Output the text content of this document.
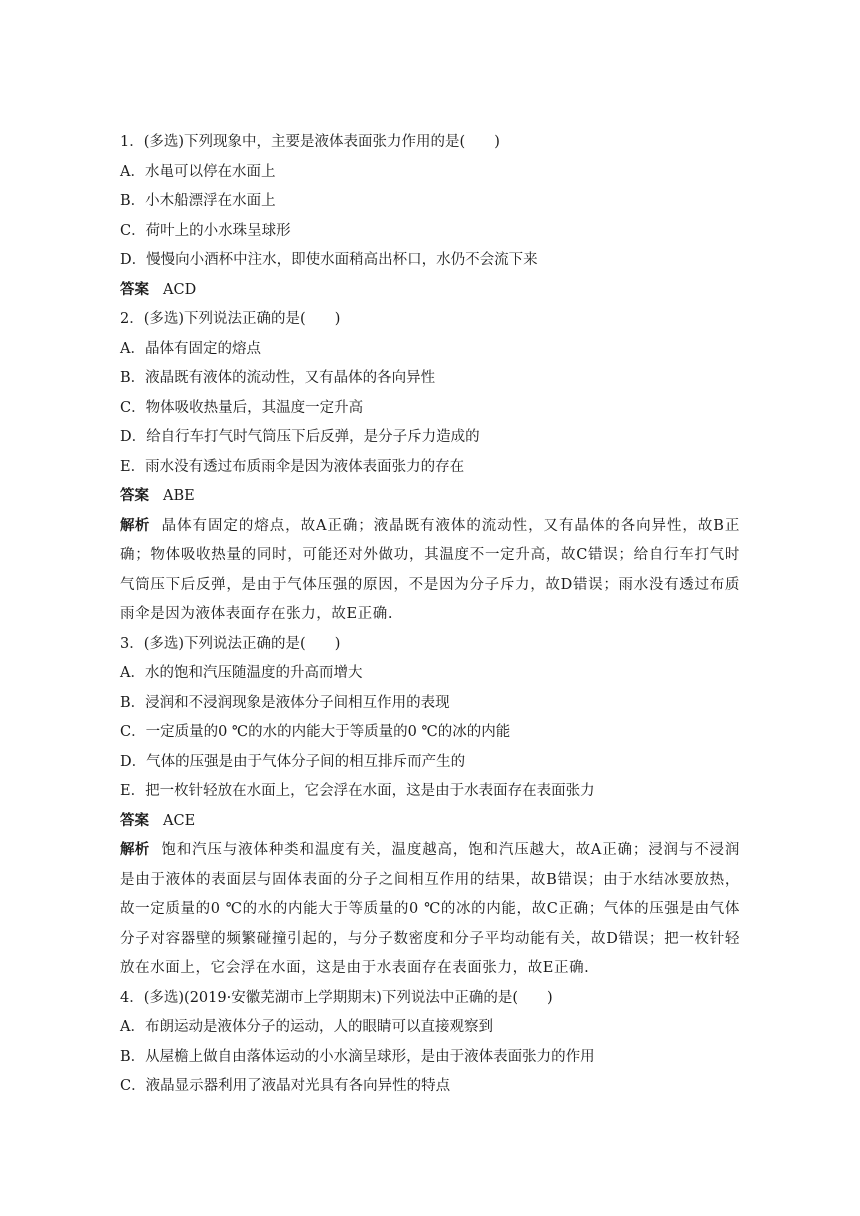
1．(多选)下列现象中，主要是液体表面张力作用的是(　　)
A．水黾可以停在水面上
B．小木船漂浮在水面上
C．荷叶上的小水珠呈球形
D．慢慢向小酒杯中注水，即使水面稍高出杯口，水仍不会流下来
答案 ACD
2．(多选)下列说法正确的是(　　)
A．晶体有固定的熔点
B．液晶既有液体的流动性，又有晶体的各向异性
C．物体吸收热量后，其温度一定升高
D．给自行车打气时气筒压下后反弹，是分子斥力造成的
E．雨水没有透过布质雨伞是因为液体表面张力的存在
答案 ABE
解析 晶体有固定的熔点，故A正确；液晶既有液体的流动性，又有晶体的各向异性，故B正确；物体吸收热量的同时，可能还对外做功，其温度不一定升高，故C错误；给自行车打气时气筒压下后反弹，是由于气体压强的原因，不是因为分子斥力，故D错误；雨水没有透过布质雨伞是因为液体表面存在张力，故E正确.
3．(多选)下列说法正确的是(　　)
A．水的饱和汽压随温度的升高而增大
B．浸润和不浸润现象是液体分子间相互作用的表现
C．一定质量的0 ℃的水的内能大于等质量的0 ℃的冰的内能
D．气体的压强是由于气体分子间的相互排斥而产生的
E．把一枚针轻放在水面上，它会浮在水面，这是由于水表面存在表面张力
答案 ACE
解析 饱和汽压与液体种类和温度有关，温度越高，饱和汽压越大，故A正确；浸润与不浸润是由于液体的表面层与固体表面的分子之间相互作用的结果，故B错误；由于水结冰要放热，故一定质量的0 ℃的水的内能大于等质量的0 ℃的冰的内能，故C正确；气体的压强是由气体分子对容器壁的频繁碰撞引起的，与分子数密度和分子平均动能有关，故D错误；把一枚针轻放在水面上，它会浮在水面，这是由于水表面存在表面张力，故E正确.
4．(多选)(2019·安徽芜湖市上学期期末)下列说法中正确的是(　　)
A．布朗运动是液体分子的运动，人的眼睛可以直接观察到
B．从屋檐上做自由落体运动的小水滴呈球形，是由于液体表面张力的作用
C．液晶显示器利用了液晶对光具有各向异性的特点
